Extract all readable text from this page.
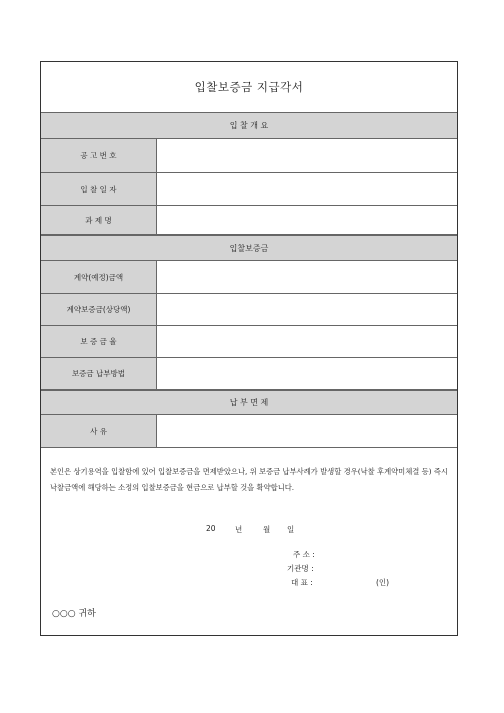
입찰보증금 지급각서
입 찰 개 요
공 고 번 호
입 찰 일 자
과 제 명
입찰보증금
계약(예정)금액
계약보증금(상당액)
보 증 금 율
보증금 납부방법
납 부 면 제
사 유
본인은 상기용역을 입찰함에 있어 입찰보증금을 면제받았으나, 위 보증금 납부사례가 발생할 경우(낙찰 후계약미체결 등) 즉시 낙찰금액에 해당하는 소정의 입찰보증금을 현금으로 납부할 것을 확약합니다.
20	년	월 일
주 소 :
기관명 :
대 표 :	(인)
○○○ 귀하
